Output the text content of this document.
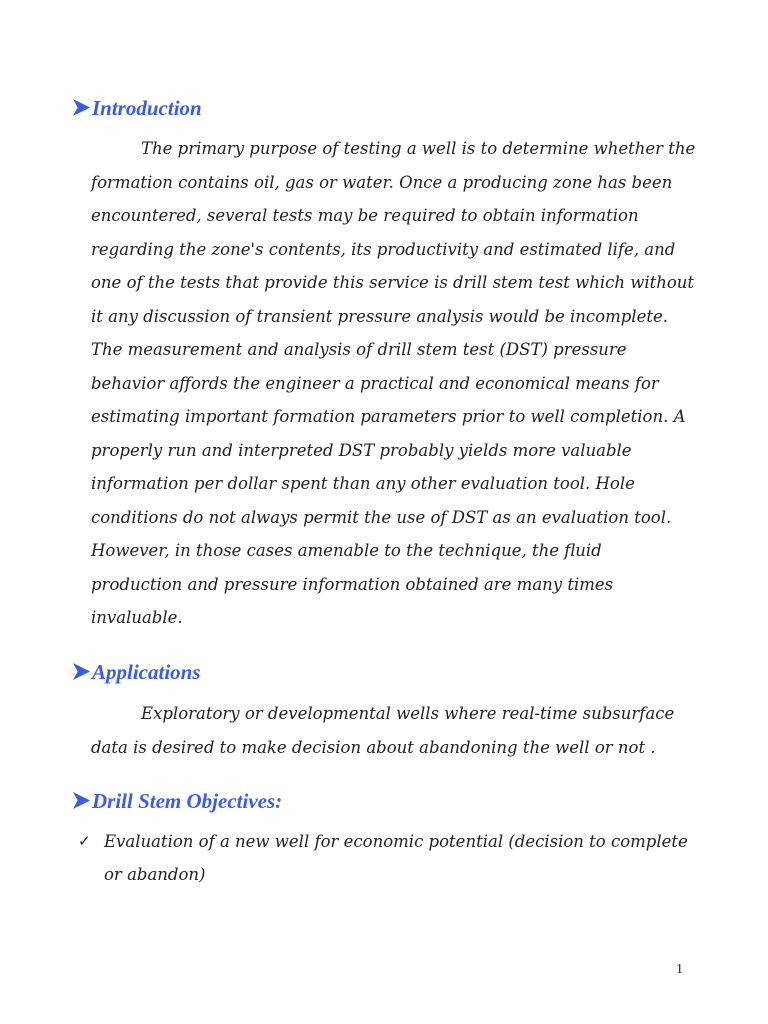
Introduction
The primary purpose of testing a well is to determine whether the
formation contains oil, gas or water. Once a producing zone has been
encountered, several tests may be required to obtain information
regarding the zone's contents, its productivity and estimated life, and
one of the tests that provide this service is drill stem test which without
it any discussion of transient pressure analysis would be incomplete.
The measurement and analysis of drill stem test (DST) pressure
behavior affords the engineer a practical and economical means for
estimating important formation parameters prior to well completion. A
properly run and interpreted DST probably yields more valuable
information per dollar spent than any other evaluation tool. Hole
conditions do not always permit the use of DST as an evaluation tool.
However, in those cases amenable to the technique, the fluid
production and pressure information obtained are many times
invaluable.
Applications
Exploratory or developmental wells where real-time subsurface
data is desired to make decision about abandoning the well or not .
Drill Stem Objectives:
✓ Evaluation of a new well for economic potential (decision to complete
or abandon)
1
